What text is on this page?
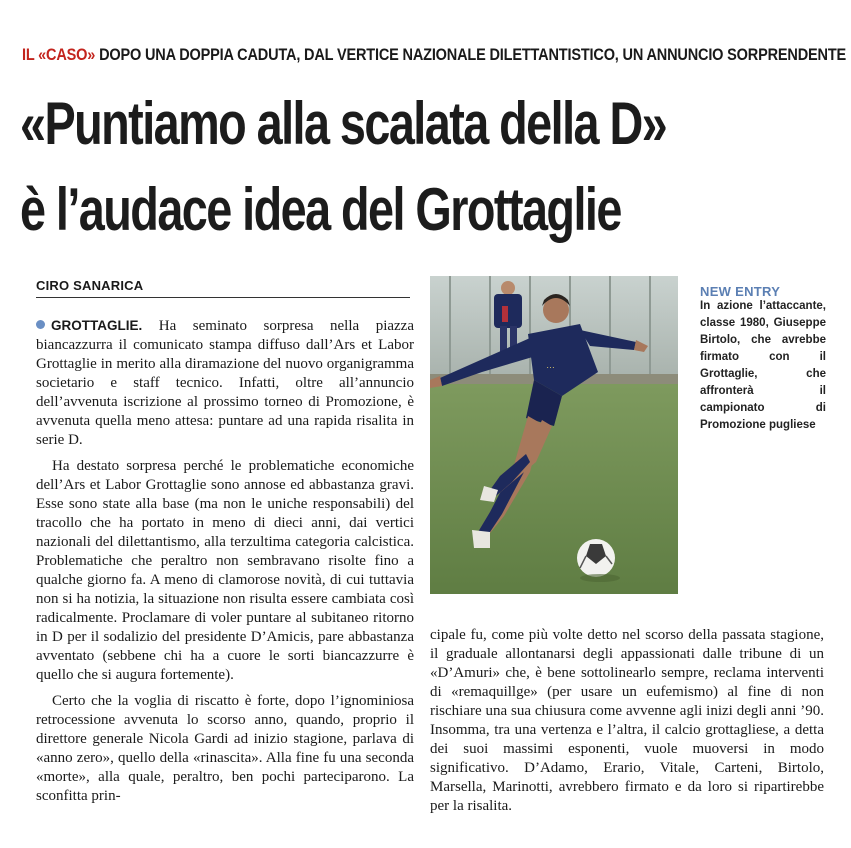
IL «CASO» DOPO UNA DOPPIA CADUTA, DAL VERTICE NAZIONALE DILETTANTISTICO, UN ANNUNCIO SORPRENDENTE
«Puntiamo alla scalata della D»
è l’audace idea del Grottaglie
CIRO SANARICA

GROTTAGLIE. Ha seminato sorpresa nella piazza biancazzurra il comunicato stampa diffuso dall’Ars et Labor Grottaglie in merito alla diramazione del nuovo organigramma societario e staff tecnico. Infatti, oltre all’annuncio dell’avvenuta iscrizione al prossimo torneo di Promozione, è avvenuta quella meno attesa: puntare ad una rapida risalita in serie D.

Ha destato sorpresa perché le problematiche economiche dell’Ars et Labor Grottaglie sono annose ed abbastanza gravi. Esse sono state alla base (ma non le uniche responsabili) del tracollo che ha portato in meno di dieci anni, dai vertici nazionali del dilettantismo, alla terzultima categoria calcistica. Problematiche che peraltro non sembravano risolte fino a qualche giorno fa. A meno di clamorose novità, di cui tuttavia non si ha notizia, la situazione non risulta essere cambiata così radicalmente. Proclamare di voler puntare al subitaneo ritorno in D per il sodalizio del presidente D’Amicis, pare abbastanza avventato (sebbene chi ha a cuore le sorti biancazzurre è quello che si augura fortemente).

Certo che la voglia di riscatto è forte, dopo l’ignominiosa retrocessione avvenuta lo scorso anno, quando, proprio il direttore generale Nicola Gardi ad inizio stagione, parlava di «anno zero», quello della «rinascita». Alla fine fu una seconda «morte», alla quale, peraltro, ben pochi parteciparono. La sconfitta prin-

…
NEW ENTRY
In azione l’attaccante, classe 1980, Giuseppe Birtolo, che avrebbe firmato con il Grottaglie, che affronterà il campionato di Promozione pugliese

cipale fu, come più volte detto nel scorso della passata stagione, il graduale allontanarsi degli appassionati dalle tribune di un «D’Amuri» che, è bene sottolinearlo sempre, reclama interventi di «remaquillge» (per usare un eufemismo) al fine di non rischiare una sua chiusura come avvenne agli inizi degli anni ’90. Insomma, tra una vertenza e l’altra, il calcio grottagliese, a detta dei suoi massimi esponenti, vuole muoversi in modo significativo. D’Adamo, Erario, Vitale, Carteni, Birtolo, Marsella, Marinotti, avrebbero firmato e da loro si ripartirebbe per la risalita.
